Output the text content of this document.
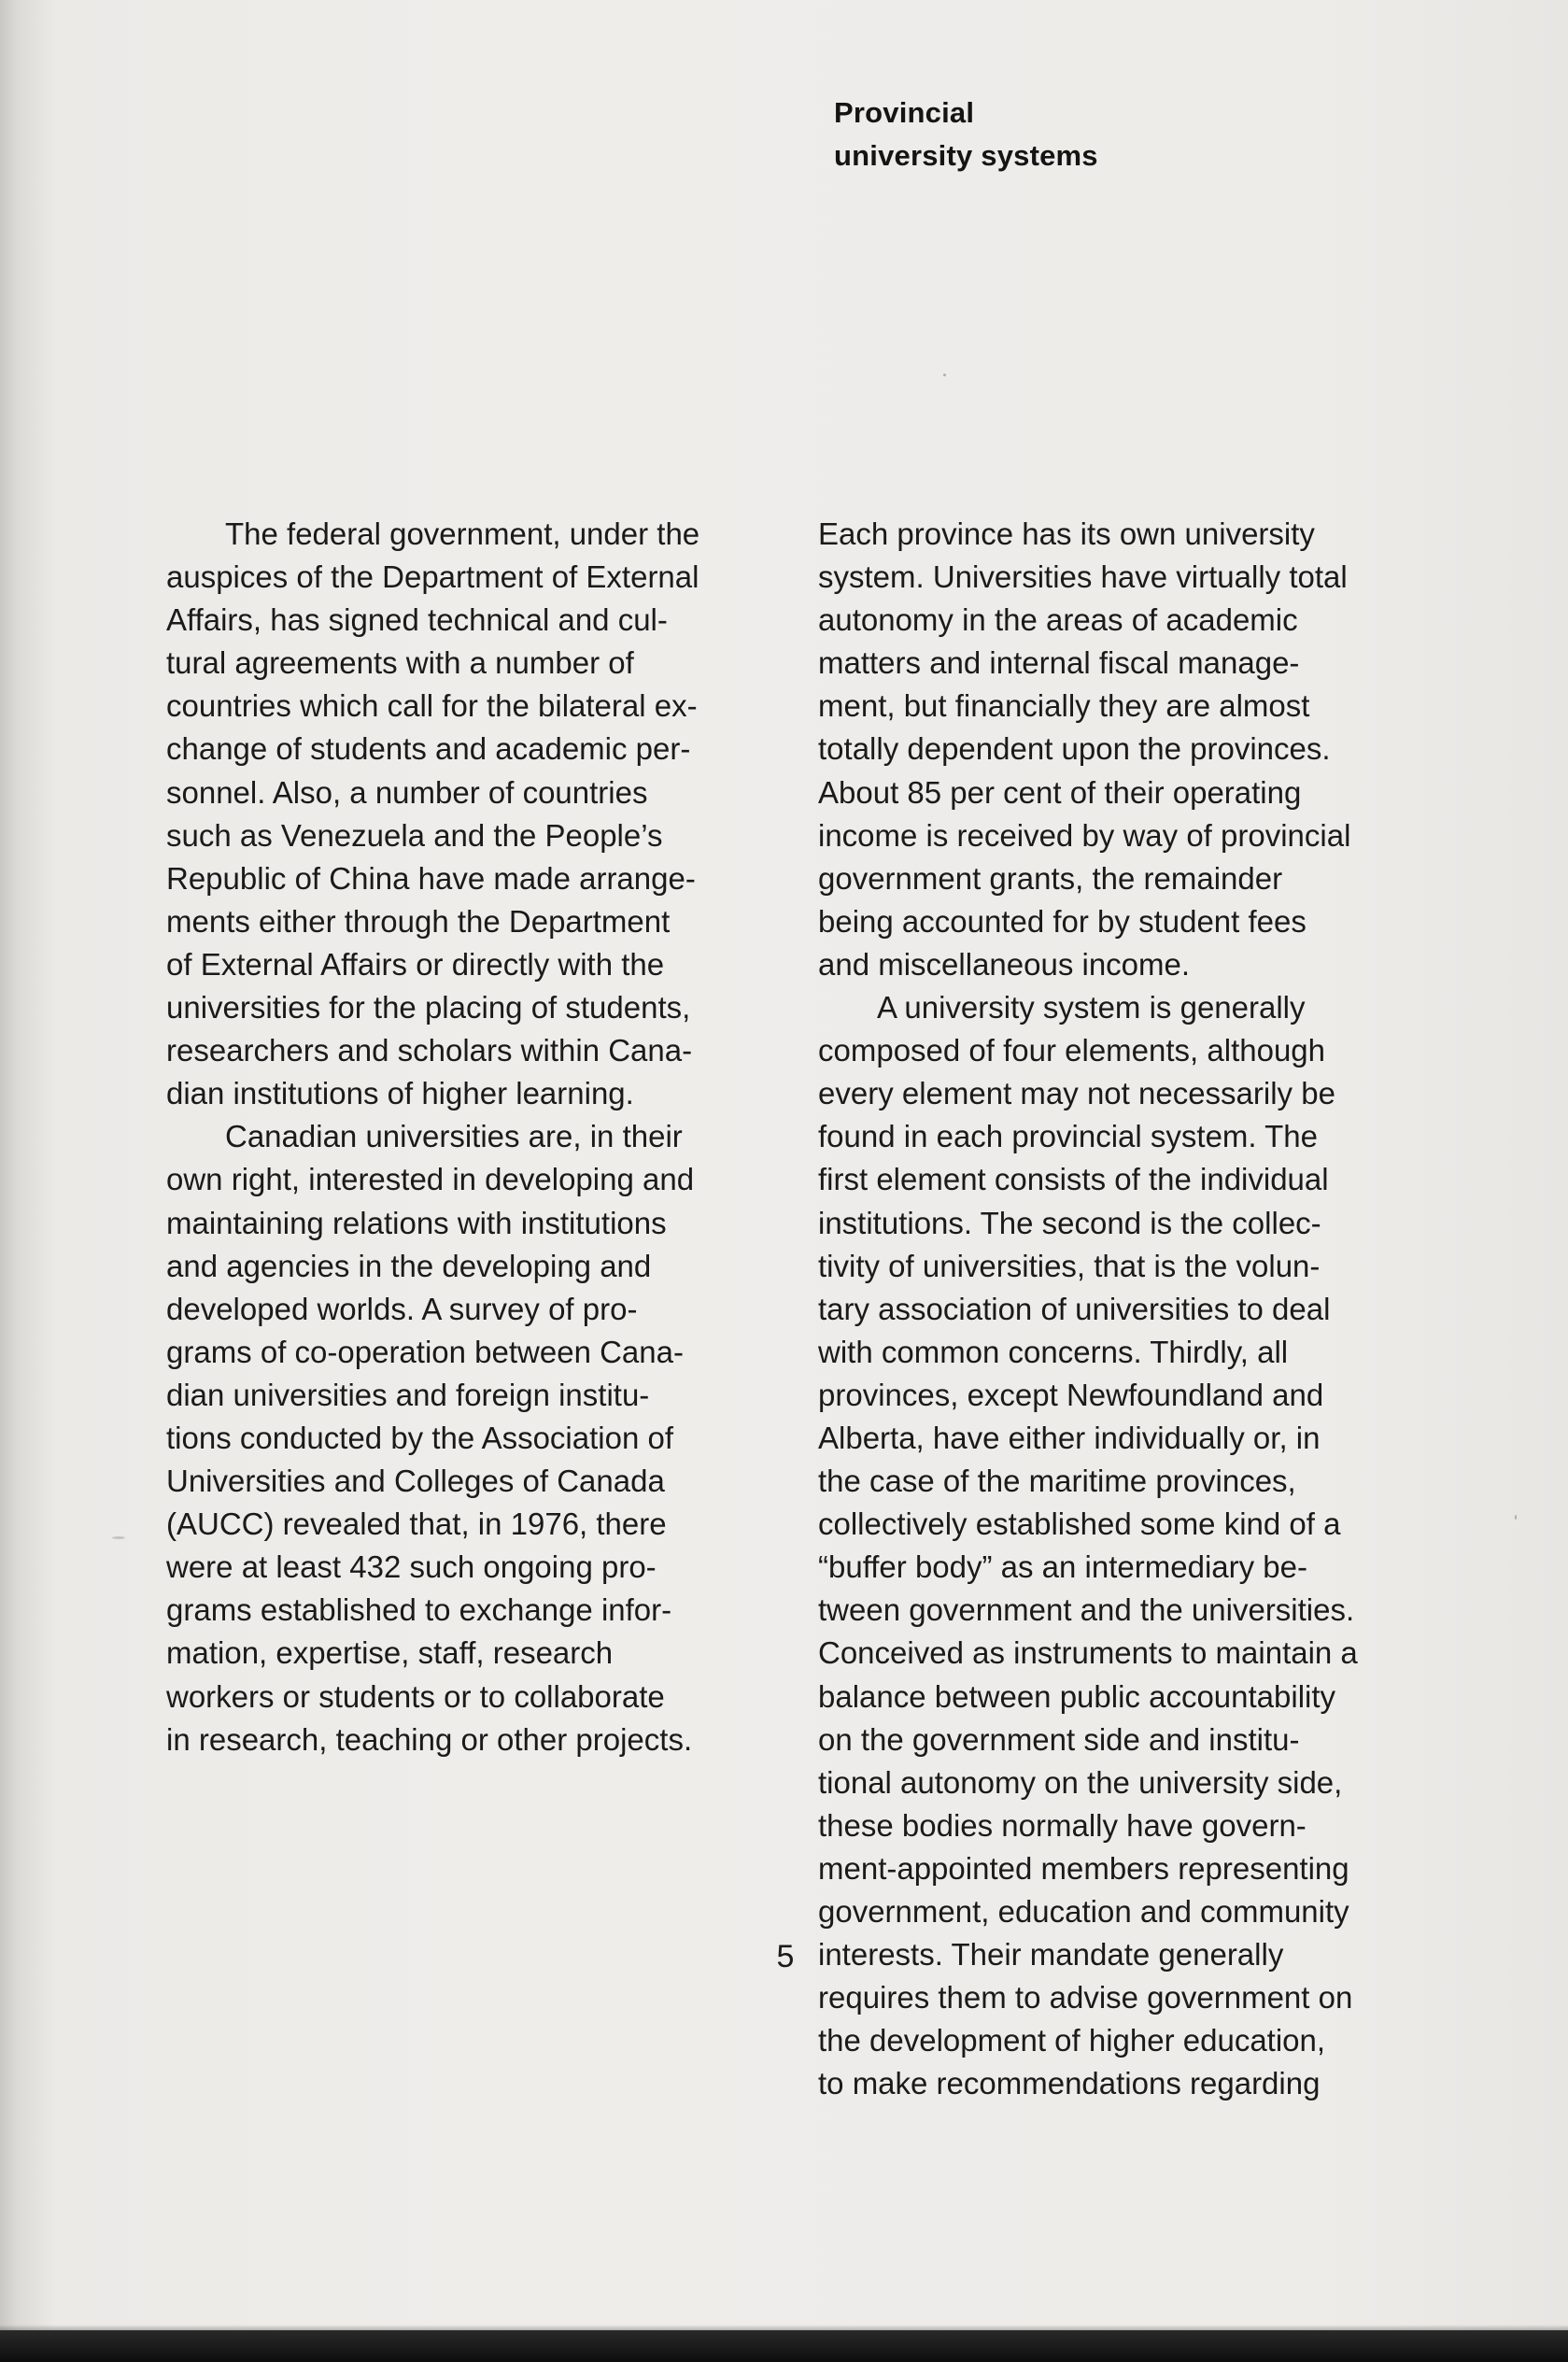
Provincial
university systems
The federal government, under the
auspices of the Department of External
Affairs, has signed technical and cul-
tural agreements with a number of
countries which call for the bilateral ex-
change of students and academic per-
sonnel. Also, a number of countries
such as Venezuela and the People’s
Republic of China have made arrange-
ments either through the Department
of External Affairs or directly with the
universities for the placing of students,
researchers and scholars within Cana-
dian institutions of higher learning.
Canadian universities are, in their
own right, interested in developing and
maintaining relations with institutions
and agencies in the developing and
developed worlds. A survey of pro-
grams of co-operation between Cana-
dian universities and foreign institu-
tions conducted by the Association of
Universities and Colleges of Canada
(AUCC) revealed that, in 1976, there
were at least 432 such ongoing pro-
grams established to exchange infor-
mation, expertise, staff, research
workers or students or to collaborate
in research, teaching or other projects.
Each province has its own university
system. Universities have virtually total
autonomy in the areas of academic
matters and internal fiscal manage-
ment, but financially they are almost
totally dependent upon the provinces.
About 85 per cent of their operating
income is received by way of provincial
government grants, the remainder
being accounted for by student fees
and miscellaneous income.
A university system is generally
composed of four elements, although
every element may not necessarily be
found in each provincial system. The
first element consists of the individual
institutions. The second is the collec-
tivity of universities, that is the volun-
tary association of universities to deal
with common concerns. Thirdly, all
provinces, except Newfoundland and
Alberta, have either individually or, in
the case of the maritime provinces,
collectively established some kind of a
“buffer body” as an intermediary be-
tween government and the universities.
Conceived as instruments to maintain a
balance between public accountability
on the government side and institu-
tional autonomy on the university side,
these bodies normally have govern-
ment-appointed members representing
government, education and community
interests. Their mandate generally
requires them to advise government on
the development of higher education,
to make recommendations regarding
5
